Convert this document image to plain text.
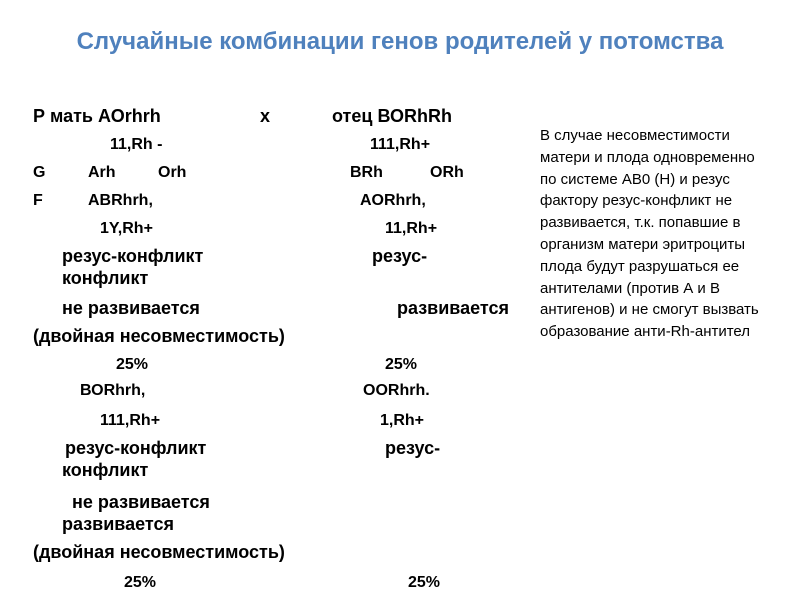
Случайные комбинации генов родителей у потомства
Р мать АОrhrh	х	отец ВОRhRh
11,Rh -	111,Rh+
G	Arh	Orh	BRh	ORh
F	ABRhrh,	AORhrh,
1Y,Rh+	11,Rh+
резус-конфликт	резус-
конфликт
не развивается	развивается
(двойная несовместимость)
25%	25%
ВОRhrh,	ООRhrh.
111,Rh+	1,Rh+
резус-конфликт	резус-
конфликт
не развивается
развивается
(двойная несовместимость)
25%	25%
В случае несовместимости матери и плода одновременно по системе АВ0 (Н) и резус фактору резус-конфликт не развивается, т.к. попавшие в организм матери эритроциты плода будут разрушаться ее антителами (против А и В антигенов) и не смогут вызвать образование анти-Rh-антител
